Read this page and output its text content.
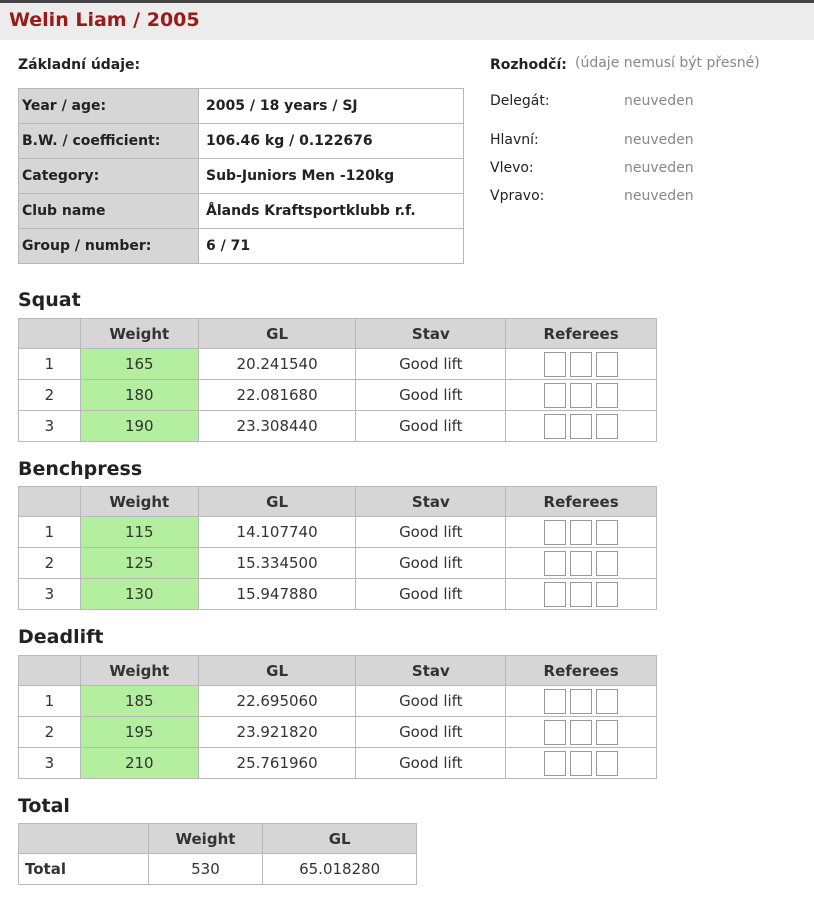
Welin Liam / 2005
Základní údaje:
Year / age:	2005 / 18 years / SJ
B.W. / coefficient:	106.46 kg / 0.122676
Category:	Sub-Juniors Men -120kg
Club name	Ålands Kraftsportklubb r.f.
Group / number:	6 / 71
Rozhodčí: (údaje nemusí být přesné)
Delegát:	neuveden
Hlavní:	neuveden
Vlevo:	neuveden
Vpravo:	neuveden
Squat
	Weight	GL	Stav	Referees
1	165	20.241540	Good lift	

2	180	22.081680	Good lift	

3	190	23.308440	Good lift	
Benchpress
	Weight	GL	Stav	Referees
1	115	14.107740	Good lift	

2	125	15.334500	Good lift	

3	130	15.947880	Good lift	
Deadlift
	Weight	GL	Stav	Referees
1	185	22.695060	Good lift	

2	195	23.921820	Good lift	

3	210	25.761960	Good lift	
Total
	Weight	GL
Total	530	65.018280
